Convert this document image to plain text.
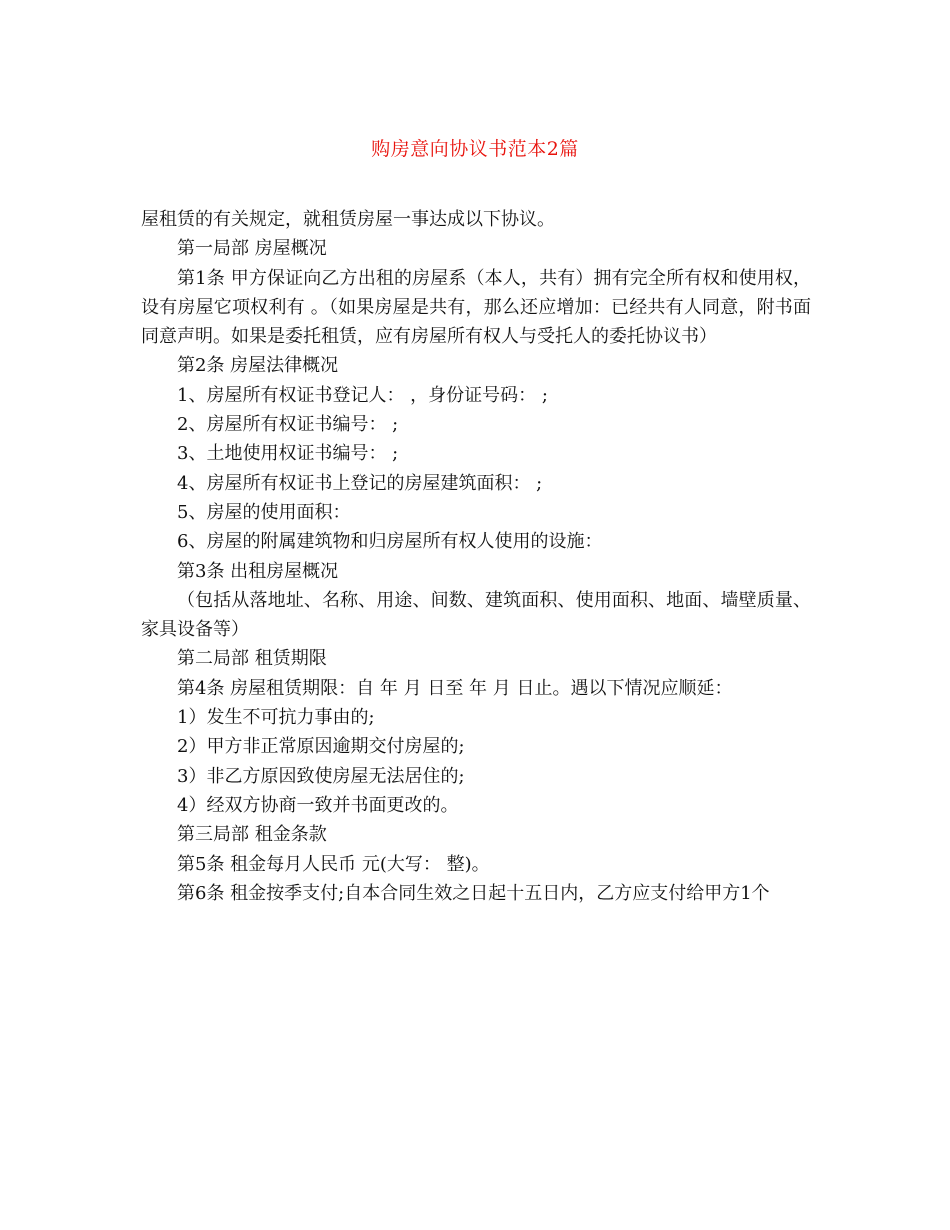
购房意向协议书范本2篇

屋租赁的有关规定，就租赁房屋一事达成以下协议。

第一局部 房屋概况

第1条 甲方保证向乙方出租的房屋系（本人，共有）拥有完全所有权和使用权，设有房屋它项权利有 。（如果房屋是共有，那么还应增加：已经共有人同意，附书面同意声明。如果是委托租赁，应有房屋所有权人与受托人的委托协议书）

第2条 房屋法律概况

1、房屋所有权证书登记人： ，身份证号码： ;

2、房屋所有权证书编号： ;

3、土地使用权证书编号： ;

4、房屋所有权证书上登记的房屋建筑面积： ;

5、房屋的使用面积：

6、房屋的附属建筑物和归房屋所有权人使用的设施：

第3条 出租房屋概况

（包括从落地址、名称、用途、间数、建筑面积、使用面积、地面、墙壁质量、家具设备等）

第二局部 租赁期限

第4条 房屋租赁期限：自 年 月 日至 年 月 日止。遇以下情况应顺延：

1）发生不可抗力事由的;

2）甲方非正常原因逾期交付房屋的;

3）非乙方原因致使房屋无法居住的;

4）经双方协商一致并书面更改的。

第三局部 租金条款

第5条 租金每月人民币 元(大写： 整)。

第6条 租金按季支付;自本合同生效之日起十五日内，乙方应支付给甲方1个
